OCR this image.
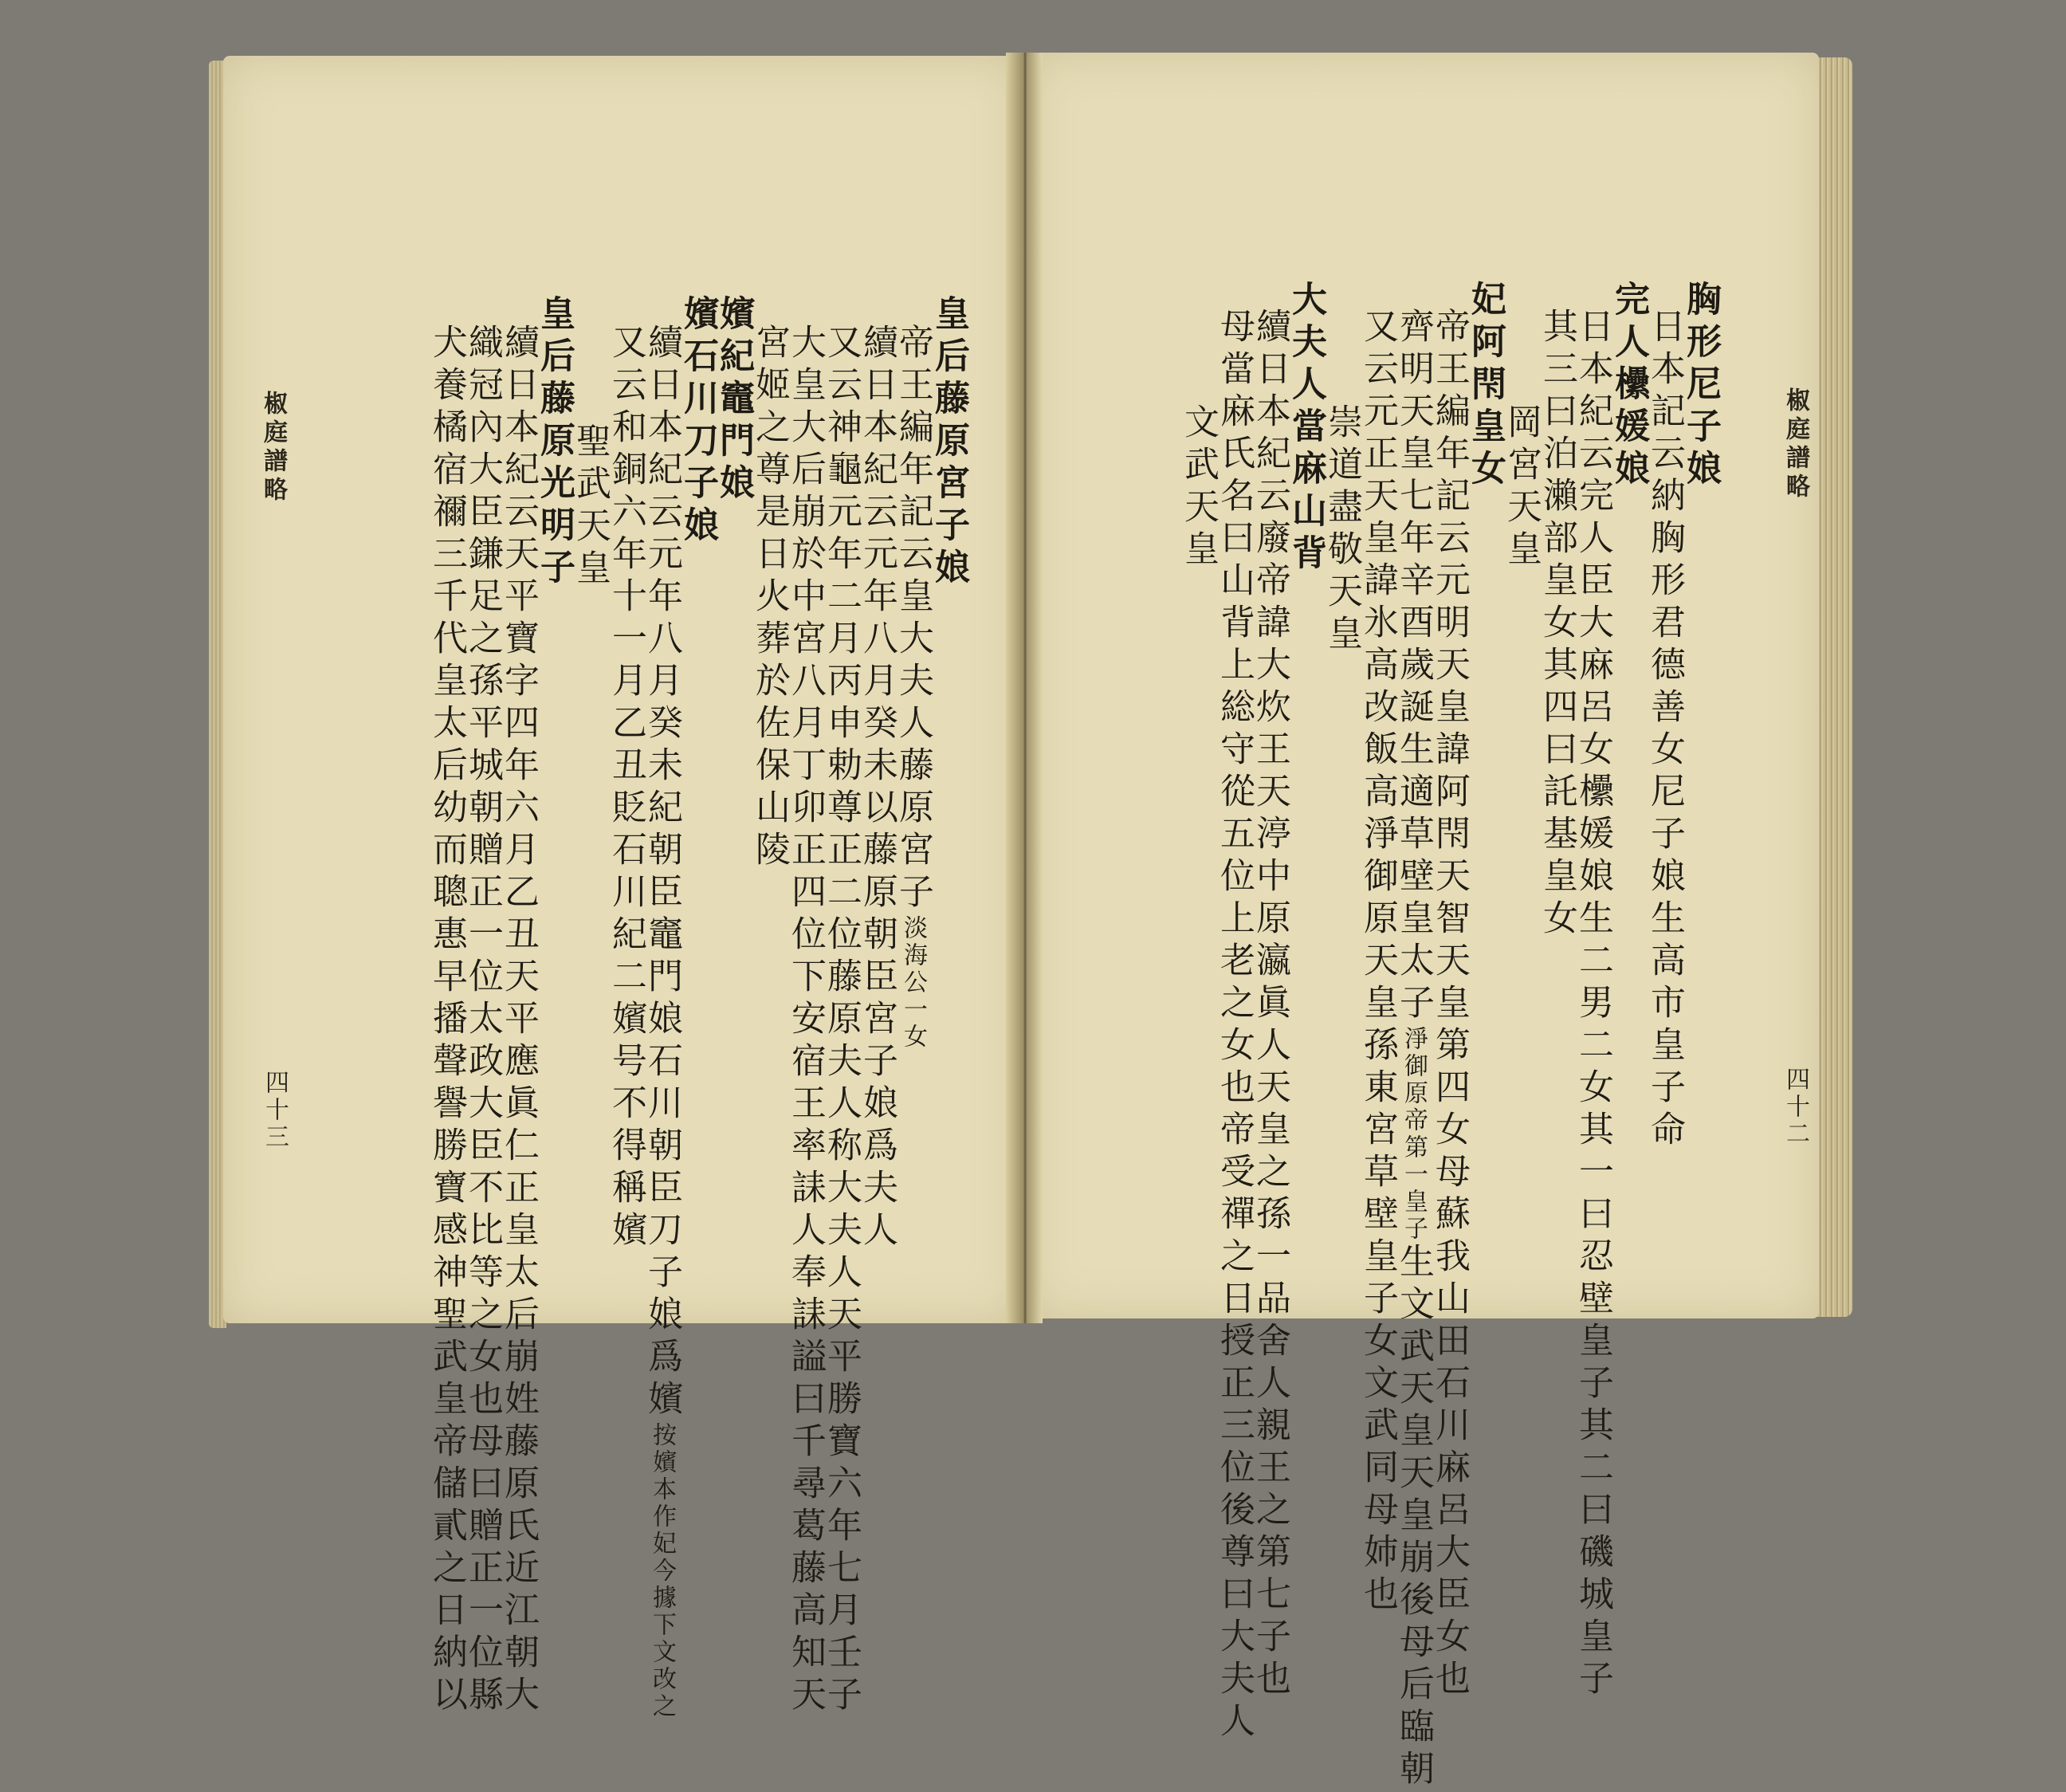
椒庭譜略
四十三
皇后藤原宮子娘
帝王編年記云皇大夫人藤原宮子淡海公一女
續日本紀云元年八月癸未以藤原朝臣宮子娘爲夫人
又云神龜元年二月丙申勅尊正二位藤原夫人称大夫人天平勝寶六年七月壬子
大皇大后崩於中宮八月丁卯正四位下安宿王率誄人奉誄謚曰千尋葛藤高知天
宮姬之尊是日火葬於佐保山陵
嬪紀竈門娘
嬪石川刀子娘
續日本紀云元年八月癸未紀朝臣竈門娘石川朝臣刀子娘爲嬪按嬪本作妃今據下文改之
又云和銅六年十一月乙丑貶石川紀二嬪号不得稱嬪
聖武天皇
皇后藤原光明子
續日本紀云天平寶字四年六月乙丑天平應眞仁正皇太后崩姓藤原氏近江朝大
織冠內大臣鎌足之孫平城朝贈正一位太政大臣不比等之女也母曰贈正一位縣
犬養橘宿禰三千代皇太后幼而聰惠早播聲譽勝寶感神聖武皇帝儲貳之日納以	椒庭譜略
四十二
胸形尼子娘
日本記云納胸形君德善女尼子娘生高市皇子命
完人欙媛娘
日本紀云完人臣大麻呂女欙媛娘生二男二女其一曰忍壁皇子其二曰磯城皇子
其三曰泊瀨部皇女其四曰託基皇女
岡宮天皇
妃阿閇皇女
帝王編年記云元明天皇諱阿閇天智天皇第四女母蘇我山田石川麻呂大臣女也
齊明天皇七年辛酉歲誕生適草壁皇太子淨御原帝第一皇子生文武天皇天皇崩後母后臨朝
又云元正天皇諱氷高改飯高淨御原天皇孫東宮草壁皇子女文武同母姉也
崇道盡敬天皇
大夫人當麻山背
續日本紀云廢帝諱大炊王天渟中原瀛眞人天皇之孫一品舍人親王之第七子也
母當麻氏名曰山背上総守從五位上老之女也帝受禪之日授正三位後尊曰大夫人
文武天皇
